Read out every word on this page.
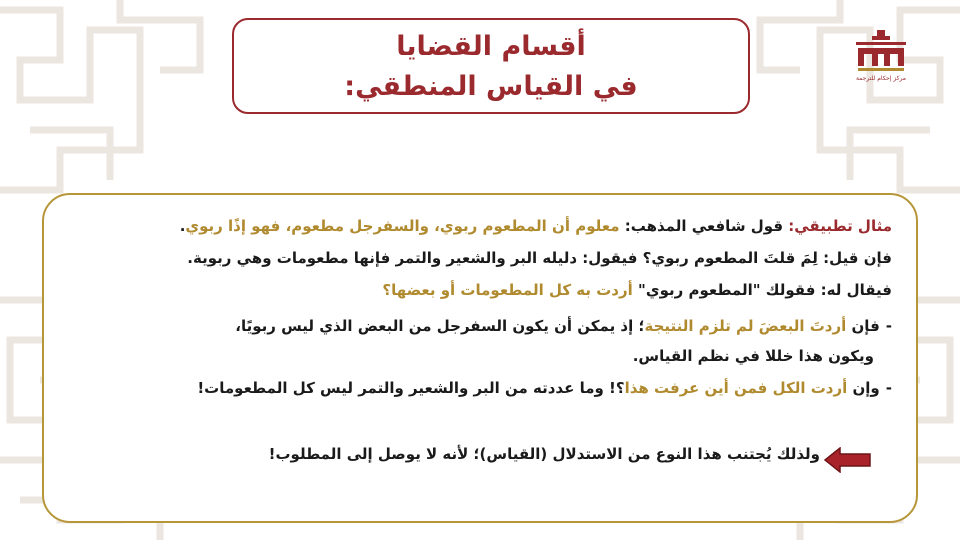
أقسام القضايا
في القياس المنطقي:	مركز إحكام للترجمة
مثال تطبيقي: قول شافعي المذهب: معلوم أن المطعوم ربوي، والسفرجل مطعوم، فهو إذًا ربوي.
فإن قيل: لِمَ قلتَ المطعوم ربوي؟ فيقول: دليله البر والشعير والتمر فإنها مطعومات وهي ربوية.
فيقال له: فقولك "المطعوم ربوي" أردت به كل المطعومات أو بعضها؟
-فإن أردتَ البعضَ لم تلزم النتيجة؛ إذ يمكن أن يكون السفرجل من البعض الذي ليس ربويًا،
ويكون هذا خللا في نظم القياس.
-وإن أردت الكل فمن أين عرفت هذا؟! وما عددته من البر والشعير والتمر ليس كل المطعومات!
ولذلك يُجتنب هذا النوع من الاستدلال (القياس)؛ لأنه لا يوصل إلى المطلوب!
